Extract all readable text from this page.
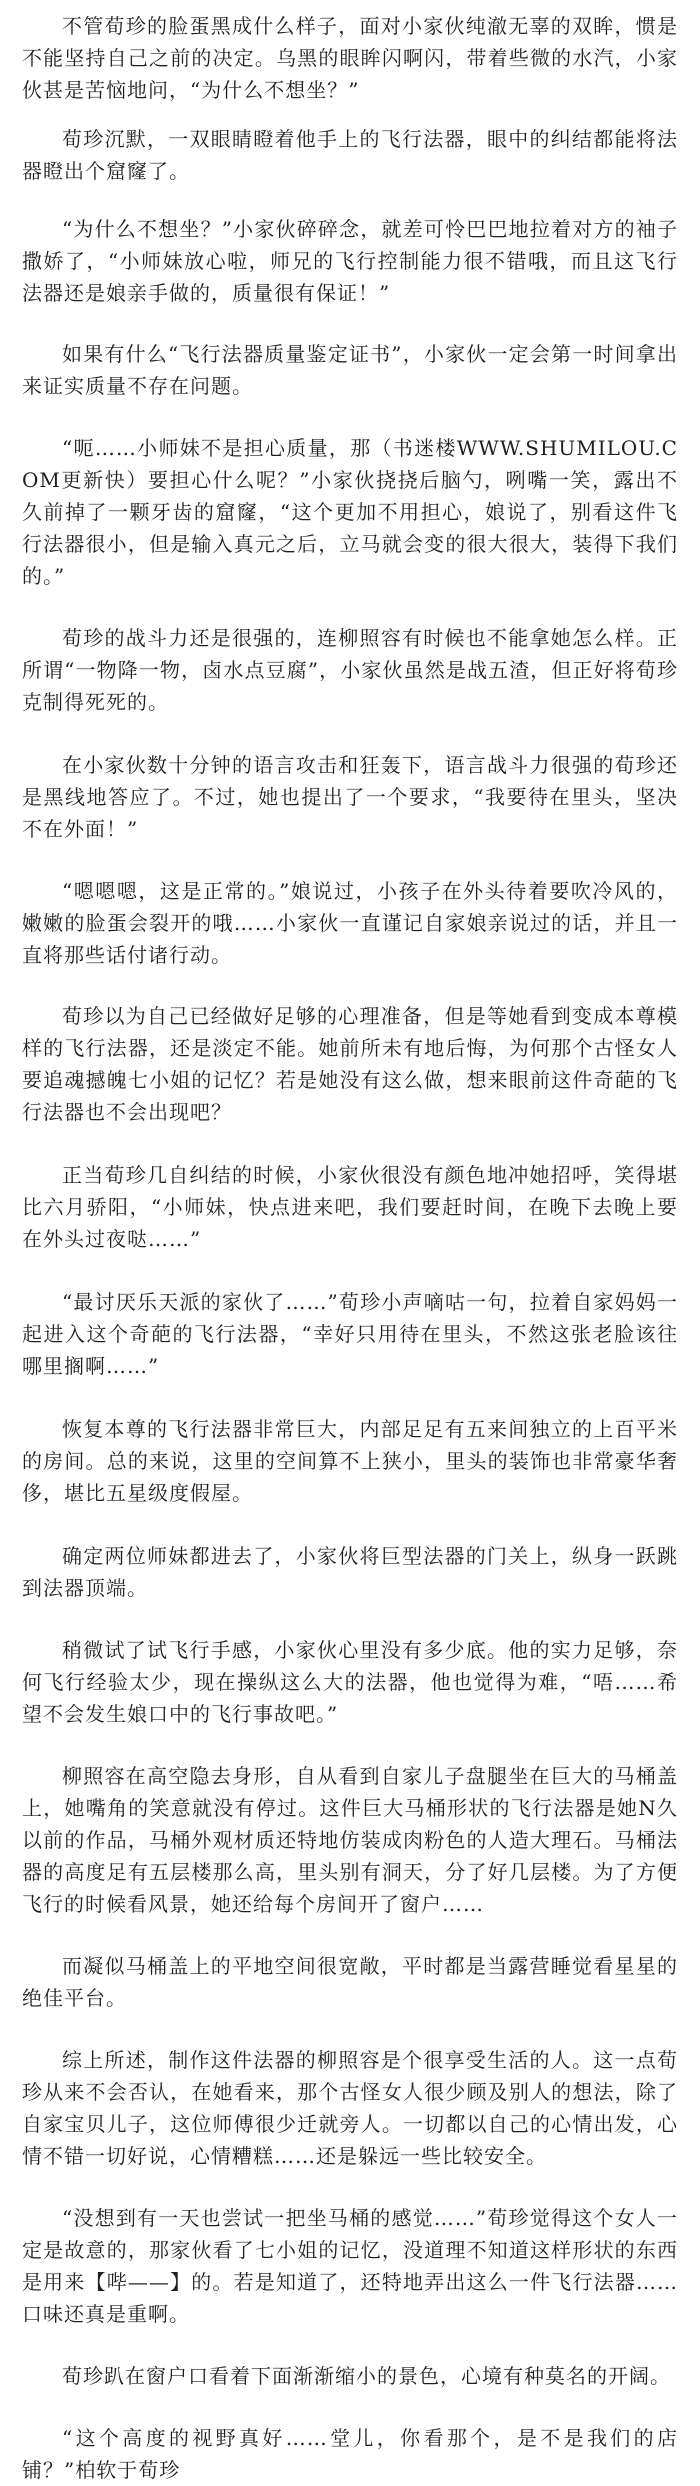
不管荀珍的脸蛋黑成什么样子，面对小家伙纯澈无辜的双眸，惯是不能坚持自己之前的决定。乌黑的眼眸闪啊闪，带着些微的水汽，小家伙甚是苦恼地问，“为什么不想坐？”

荀珍沉默，一双眼睛瞪着他手上的飞行法器，眼中的纠结都能将法器瞪出个窟窿了。

“为什么不想坐？”小家伙碎碎念，就差可怜巴巴地拉着对方的袖子撒娇了，“小师妹放心啦，师兄的飞行控制能力很不错哦，而且这飞行法器还是娘亲手做的，质量很有保证！”

如果有什么“飞行法器质量鉴定证书”，小家伙一定会第一时间拿出来证实质量不存在问题。

“呃……小师妹不是担心质量，那（书迷楼WWW.SHUMILOU.COM更新快）要担心什么呢？”小家伙挠挠后脑勺，咧嘴一笑，露出不久前掉了一颗牙齿的窟窿，“这个更加不用担心，娘说了，别看这件飞行法器很小，但是输入真元之后，立马就会变的很大很大，装得下我们的。”

荀珍的战斗力还是很强的，连柳照容有时候也不能拿她怎么样。正所谓“一物降一物，卤水点豆腐”，小家伙虽然是战五渣，但正好将荀珍克制得死死的。

在小家伙数十分钟的语言攻击和狂轰下，语言战斗力很强的荀珍还是黑线地答应了。不过，她也提出了一个要求，“我要待在里头，坚决不在外面！”

“嗯嗯嗯，这是正常的。”娘说过，小孩子在外头待着要吹冷风的，嫩嫩的脸蛋会裂开的哦……小家伙一直谨记自家娘亲说过的话，并且一直将那些话付诸行动。

荀珍以为自己已经做好足够的心理准备，但是等她看到变成本尊模样的飞行法器，还是淡定不能。她前所未有地后悔，为何那个古怪女人要追魂撼魄七小姐的记忆？若是她没有这么做，想来眼前这件奇葩的飞行法器也不会出现吧？

正当荀珍几自纠结的时候，小家伙很没有颜色地冲她招呼，笑得堪比六月骄阳，“小师妹，快点进来吧，我们要赶时间，在晚下去晚上要在外头过夜哒……”

“最讨厌乐天派的家伙了……”荀珍小声嘀咕一句，拉着自家妈妈一起进入这个奇葩的飞行法器，“幸好只用待在里头，不然这张老脸该往哪里搁啊……”

恢复本尊的飞行法器非常巨大，内部足足有五来间独立的上百平米的房间。总的来说，这里的空间算不上狭小，里头的装饰也非常豪华奢侈，堪比五星级度假屋。

确定两位师妹都进去了，小家伙将巨型法器的门关上，纵身一跃跳到法器顶端。

稍微试了试飞行手感，小家伙心里没有多少底。他的实力足够，奈何飞行经验太少，现在操纵这么大的法器，他也觉得为难，“唔……希望不会发生娘口中的飞行事故吧。”

柳照容在高空隐去身形，自从看到自家儿子盘腿坐在巨大的马桶盖上，她嘴角的笑意就没有停过。这件巨大马桶形状的飞行法器是她N久以前的作品，马桶外观材质还特地仿装成肉粉色的人造大理石。马桶法器的高度足有五层楼那么高，里头别有洞天，分了好几层楼。为了方便飞行的时候看风景，她还给每个房间开了窗户……

而凝似马桶盖上的平地空间很宽敞，平时都是当露营睡觉看星星的绝佳平台。

综上所述，制作这件法器的柳照容是个很享受生活的人。这一点荀珍从来不会否认，在她看来，那个古怪女人很少顾及别人的想法，除了自家宝贝儿子，这位师傅很少迁就旁人。一切都以自己的心情出发，心情不错一切好说，心情糟糕……还是躲远一些比较安全。

“没想到有一天也尝试一把坐马桶的感觉……”荀珍觉得这个女人一定是故意的，那家伙看了七小姐的记忆，没道理不知道这样形状的东西是用来【哔——】的。若是知道了，还特地弄出这么一件飞行法器……口味还真是重啊。

荀珍趴在窗户口看着下面渐渐缩小的景色，心境有种莫名的开阔。

“这个高度的视野真好……堂儿，你看那个，是不是我们的店铺？”柏软于荀珍
